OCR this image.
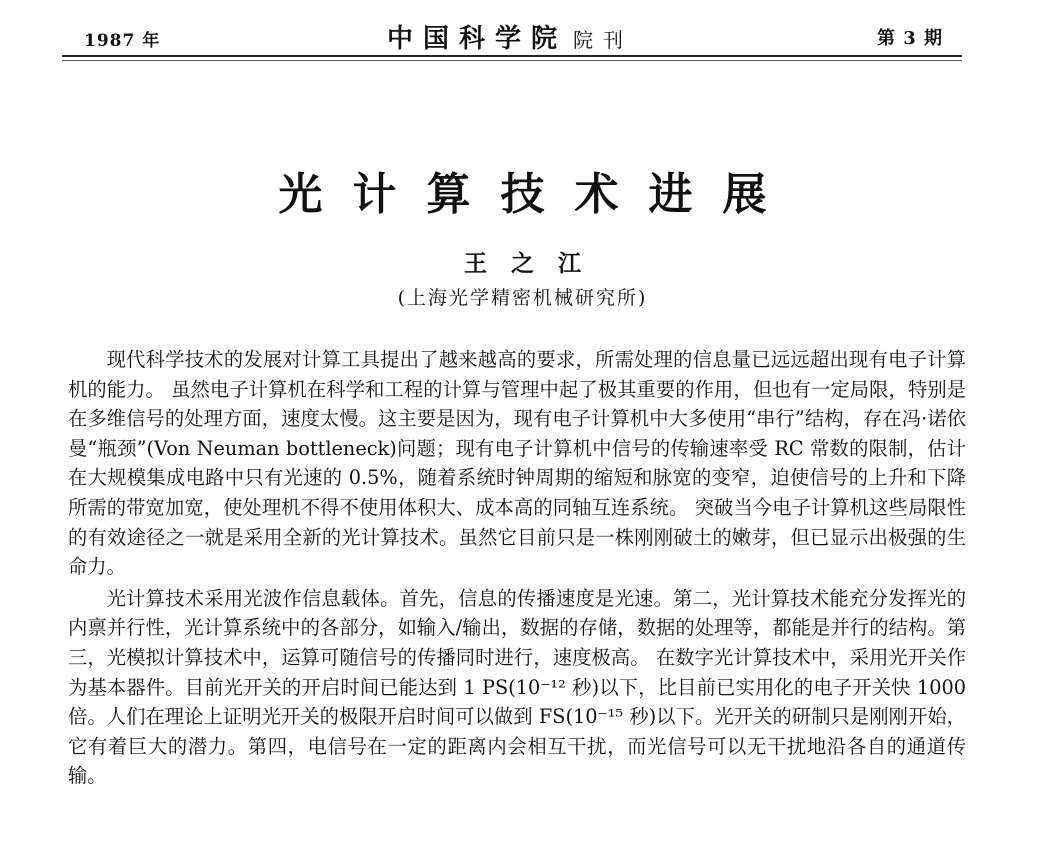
1987 年	中国科学院 院刊	第 3 期
光计算技术进展
王之江
(上海光学精密机械研究所)

现代科学技术的发展对计算工具提出了越来越高的要求，所需处理的信息量已远远超出现有电子计算机的能力。 虽然电子计算机在科学和工程的计算与管理中起了极其重要的作用，但也有一定局限，特别是在多维信号的处理方面，速度太慢。这主要是因为，现有电子计算机中大多使用“串行”结构，存在冯·诺依曼“瓶颈”(Von Neuman bottleneck)问题；现有电子计算机中信号的传输速率受 RC 常数的限制，估计在大规模集成电路中只有光速的 0.5%，随着系统时钟周期的缩短和脉宽的变窄，迫使信号的上升和下降所需的带宽加宽，使处理机不得不使用体积大、成本高的同轴互连系统。 突破当今电子计算机这些局限性的有效途径之一就是采用全新的光计算技术。虽然它目前只是一株刚刚破土的嫩芽，但已显示出极强的生命力。

光计算技术采用光波作信息载体。首先，信息的传播速度是光速。第二，光计算技术能充分发挥光的内禀并行性，光计算系统中的各部分，如输入/输出，数据的存储，数据的处理等，都能是并行的结构。第三，光模拟计算技术中，运算可随信号的传播同时进行，速度极高。 在数字光计算技术中，采用光开关作为基本器件。目前光开关的开启时间已能达到 1 PS(10⁻¹² 秒)以下，比目前已实用化的电子开关快 1000 倍。人们在理论上证明光开关的极限开启时间可以做到 FS(10⁻¹⁵ 秒)以下。光开关的研制只是刚刚开始，它有着巨大的潜力。第四，电信号在一定的距离内会相互干扰，而光信号可以无干扰地沿各自的通道传输。
